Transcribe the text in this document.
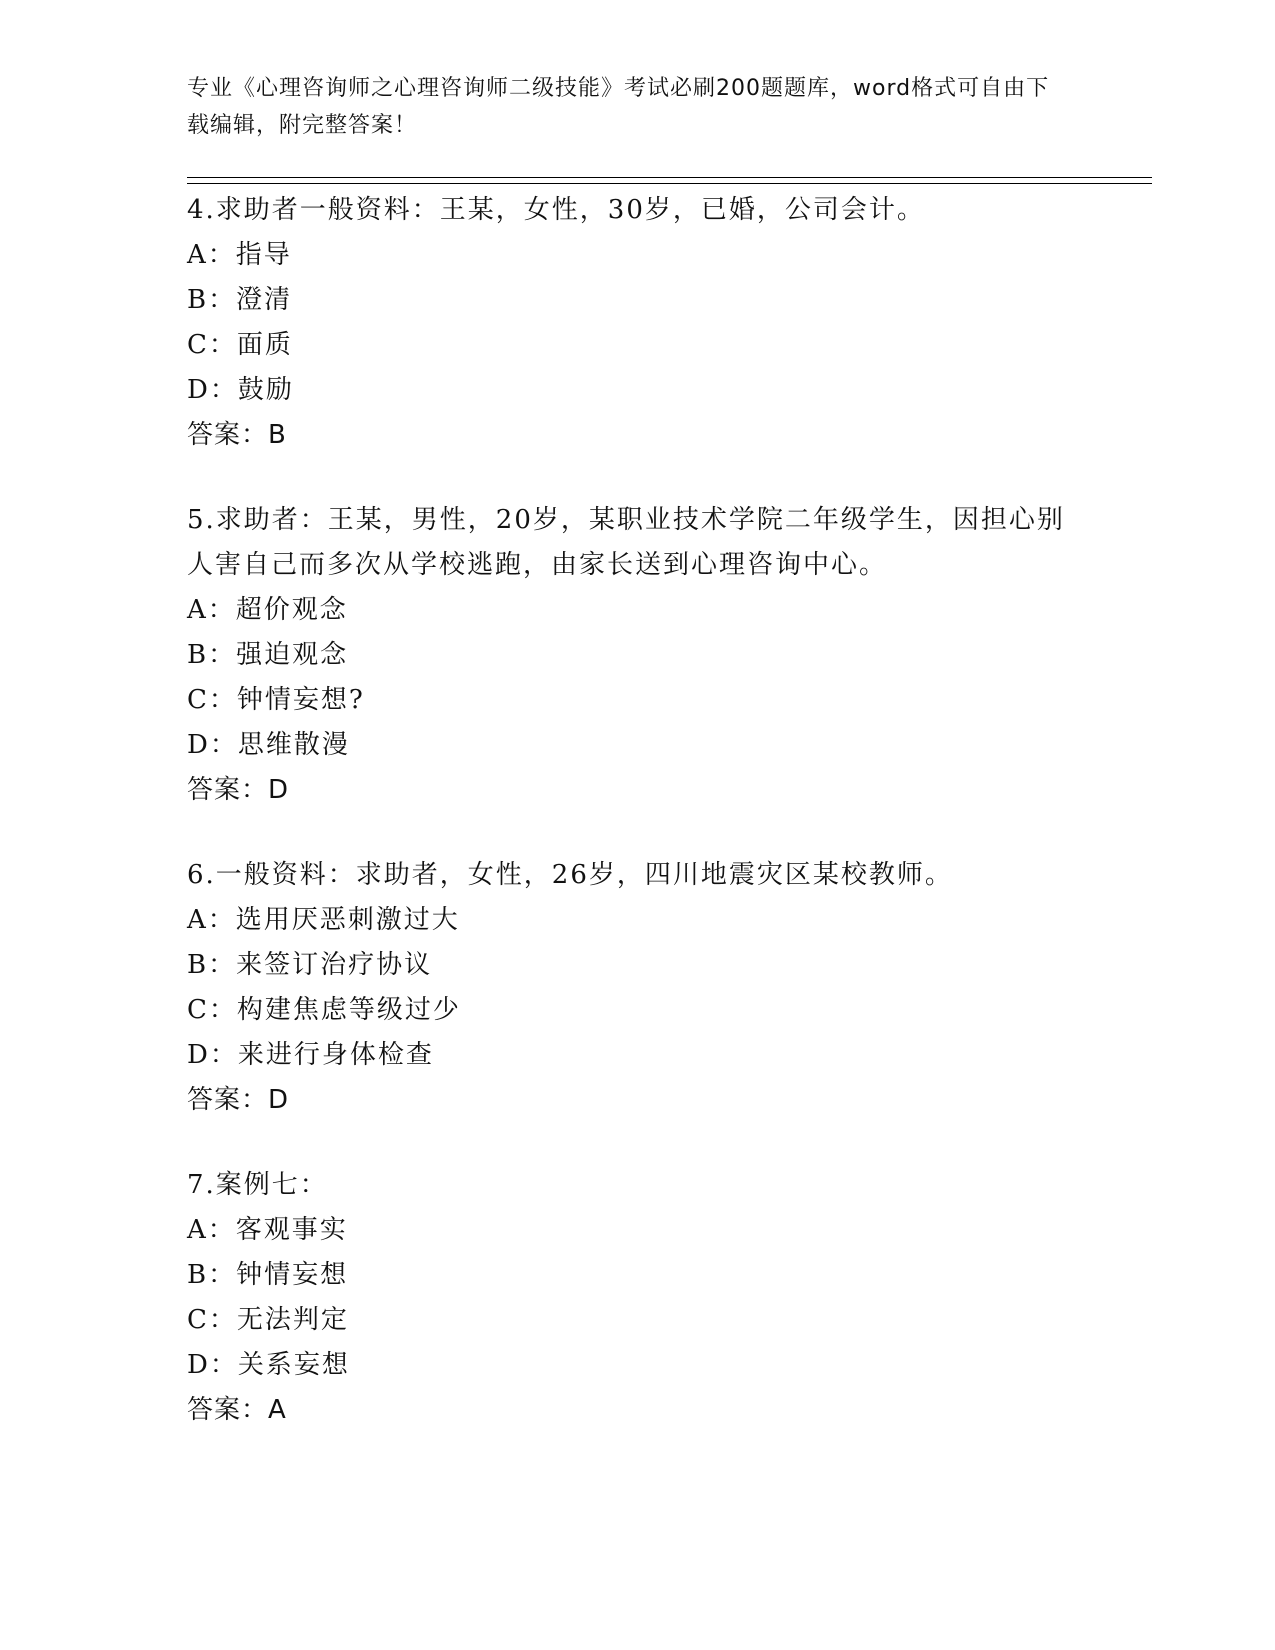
专业《心理咨询师之心理咨询师二级技能》考试必刷200题题库，word格式可自由下载编辑，附完整答案！
4.求助者一般资料：王某，女性，30岁，已婚，公司会计。
A：指导
B：澄清
C：面质
D：鼓励
答案：B
5.求助者：王某，男性，20岁，某职业技术学院二年级学生，因担心别人害自己而多次从学校逃跑，由家长送到心理咨询中心。
A：超价观念
B：强迫观念
C：钟情妄想?
D：思维散漫
答案：D
6.一般资料：求助者，女性，26岁，四川地震灾区某校教师。
A：选用厌恶刺激过大
B：来签订治疗协议
C：构建焦虑等级过少
D：来进行身体检查
答案：D
7.案例七：
A：客观事实
B：钟情妄想
C：无法判定
D：关系妄想
答案：A
